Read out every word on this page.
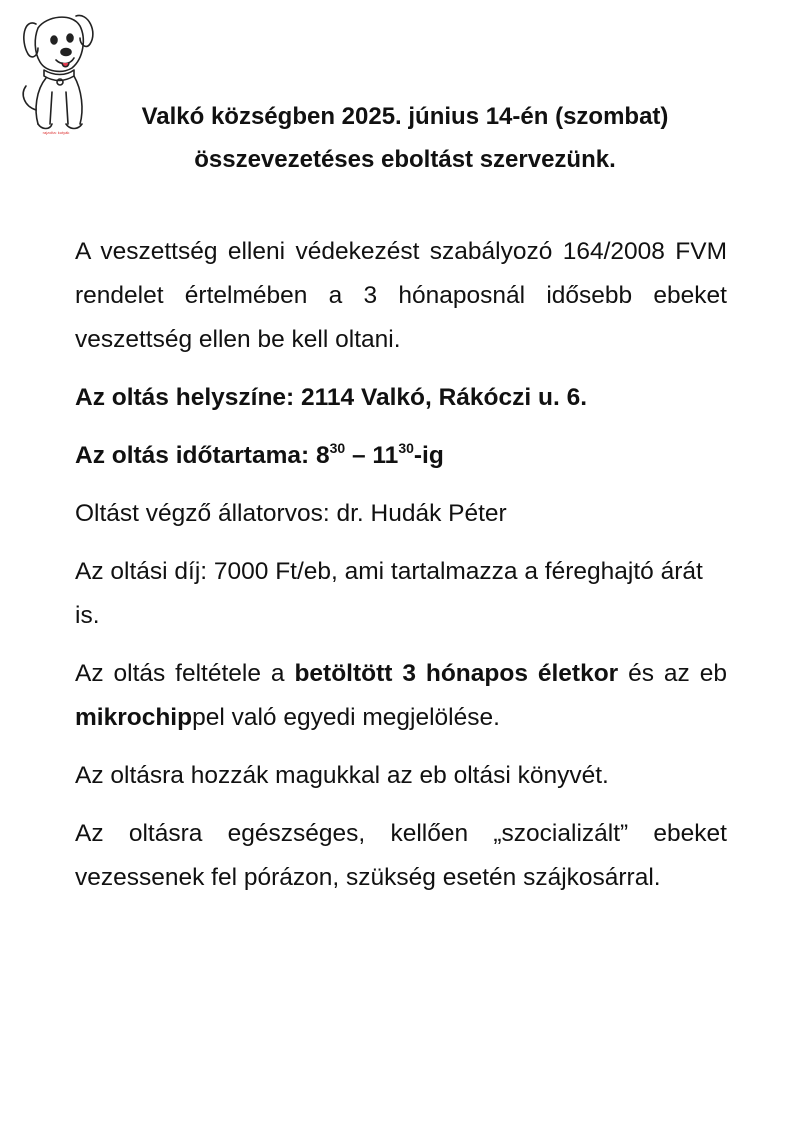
rajzolta: kutyák
Valkó községben 2025. június 14-én (szombat)
összevezetéses eboltást szervezünk.

A veszettség elleni védekezést szabályozó 164/2008 FVM rendelet értelmében a 3 hónaposnál idősebb ebeket veszettség ellen be kell oltani.

Az oltás helyszíne: 2114 Valkó, Rákóczi u. 6.

Az oltás időtartama: $8^{30} - 11^{30}-ig$

Oltást végző állatorvos: dr. Hudák Péter

Az oltási díj: 7000 Ft/eb, ami tartalmazza a féreghajtó árát is.

Az oltás feltétele a betöltött 3 hónapos életkor és az eb mikrochippel való egyedi megjelölése.

Az oltásra hozzák magukkal az eb oltási könyvét.

Az oltásra egészséges, kellően „szocializált” ebeket vezessenek fel pórázon, szükség esetén szájkosárral.
